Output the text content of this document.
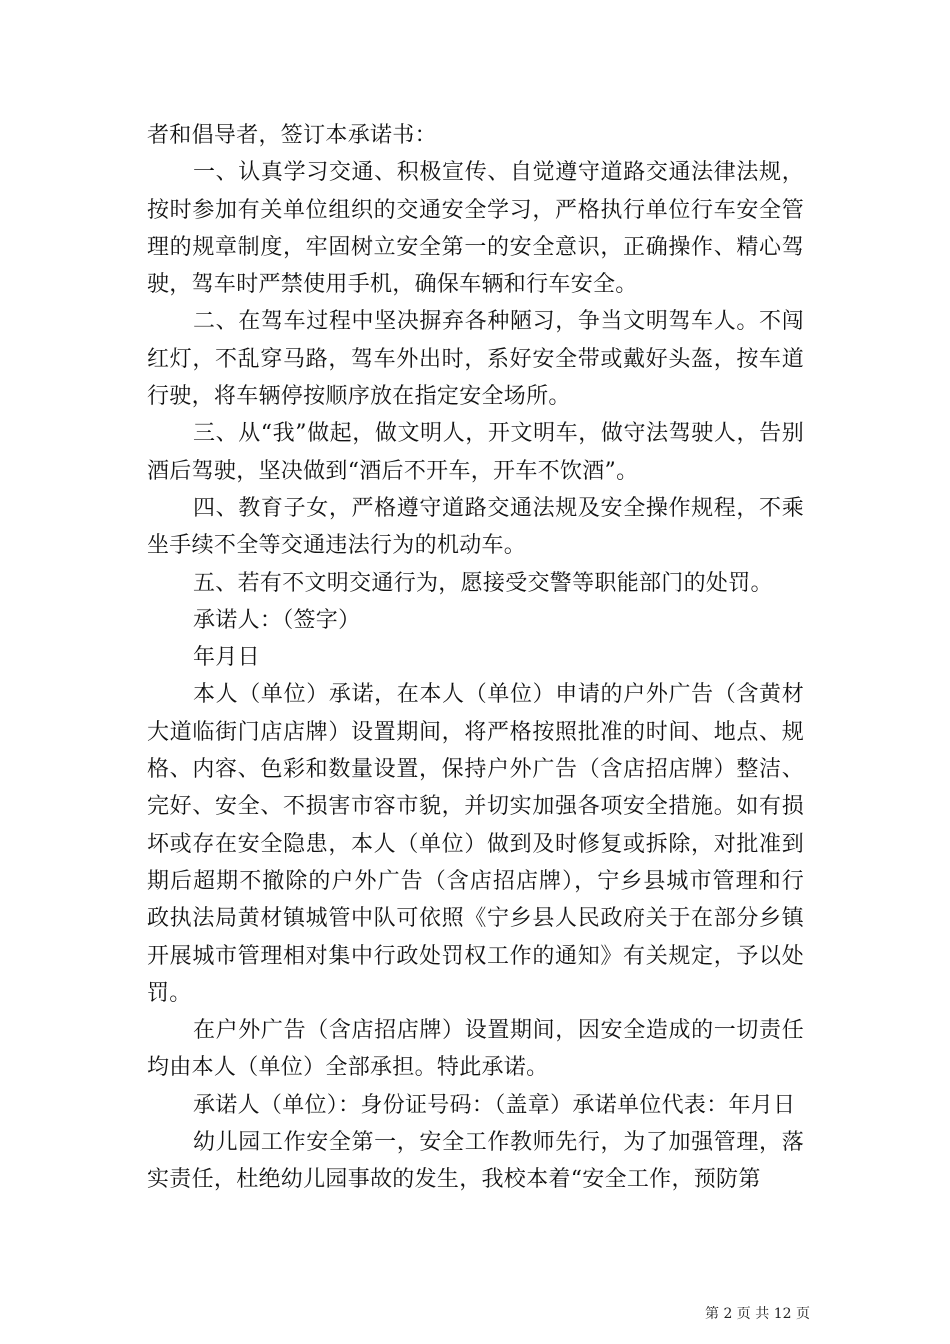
者和倡导者，签订本承诺书：

一、认真学习交通、积极宣传、自觉遵守道路交通法律法规，按时参加有关单位组织的交通安全学习，严格执行单位行车安全管理的规章制度，牢固树立安全第一的安全意识，正确操作、精心驾驶，驾车时严禁使用手机，确保车辆和行车安全。

二、在驾车过程中坚决摒弃各种陋习，争当文明驾车人。不闯红灯，不乱穿马路，驾车外出时，系好安全带或戴好头盔，按车道行驶，将车辆停按顺序放在指定安全场所。

三、从“我”做起，做文明人，开文明车，做守法驾驶人，告别酒后驾驶，坚决做到“酒后不开车，开车不饮酒”。

四、教育子女，严格遵守道路交通法规及安全操作规程，不乘坐手续不全等交通违法行为的机动车。

五、若有不文明交通行为，愿接受交警等职能部门的处罚。

承诺人：（签字）

年月日

本人（单位）承诺，在本人（单位）申请的户外广告（含黄材大道临街门店店牌）设置期间，将严格按照批准的时间、地点、规格、内容、色彩和数量设置，保持户外广告（含店招店牌）整洁、完好、安全、不损害市容市貌，并切实加强各项安全措施。如有损坏或存在安全隐患，本人（单位）做到及时修复或拆除，对批准到期后超期不撤除的户外广告（含店招店牌），宁乡县城市管理和行政执法局黄材镇城管中队可依照《宁乡县人民政府关于在部分乡镇开展城市管理相对集中行政处罚权工作的通知》有关规定，予以处罚。

在户外广告（含店招店牌）设置期间，因安全造成的一切责任均由本人（单位）全部承担。特此承诺。

承诺人（单位）：身份证号码：（盖章）承诺单位代表：年月日

幼儿园工作安全第一，安全工作教师先行，为了加强管理，落实责任，杜绝幼儿园事故的发生，我校本着“安全工作，预防第

第 2 页 共 12 页
